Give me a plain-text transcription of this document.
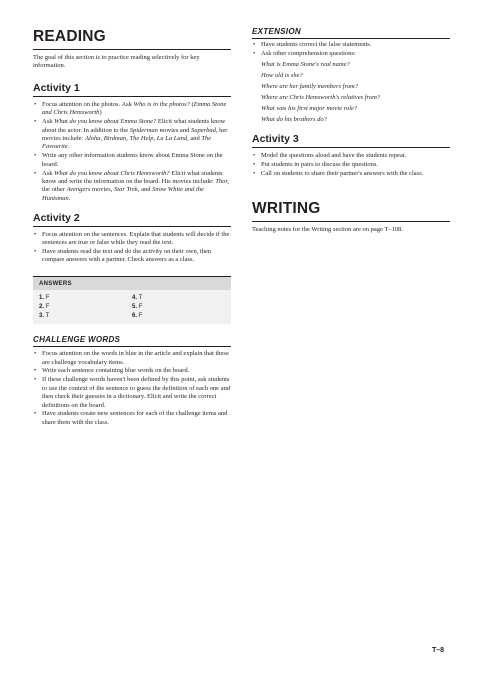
READING

The goal of this section is to practice reading selectively for key information.

Activity 1
• Focus attention on the photos. Ask Who is in the photos? (Emma Stone and Chris Hemsworth)
• Ask What do you know about Emma Stone? Elicit what students know about the actor. In addition to the Spiderman movies and Superbad, her movies include: Aloha, Birdman, The Help, La La Land, and The Favourite.
• Write any other information students know about Emma Stone on the board.
• Ask What do you know about Chris Hemsworth? Elicit what students know and write the information on the board. His movies include: Thor, the other Avengers movies, Star Trek, and Snow White and the Huntsman.
Activity 2
• Focus attention on the sentences. Explain that students will decide if the sentences are true or false while they read the text.
• Have students read the text and do the activity on their own, then compare answers with a partner. Check answers as a class.
ANSWERS
1. F
2. F
3. T
4. T
5. F
6. F
CHALLENGE WORDS
• Focus attention on the words in blue in the article and explain that these are challenge vocabulary items.
• Write each sentence containing blue words on the board.
• If these challenge words haven't been defined by this point, ask students to use the context of the sentence to guess the definition of each one and then check their guesses in a dictionary. Elicit and write the correct definitions on the board.
• Have students create new sentences for each of the challenge items and share them with the class.
EXTENSION
• Have students correct the false statements.
• Ask other comprehension questions:
What is Emma Stone's real name?
How old is she?
Where are her family members from?
Where are Chris Hemsworth's relatives from?
What was his first major movie role?
What do his brothers do?
Activity 3
• Model the questions aloud and have the students repeat.
• Put students in pairs to discuss the questions.
• Call on students to share their partner's answers with the class.
WRITING

Teaching notes for the Writing section are on page T–108.

T–8
